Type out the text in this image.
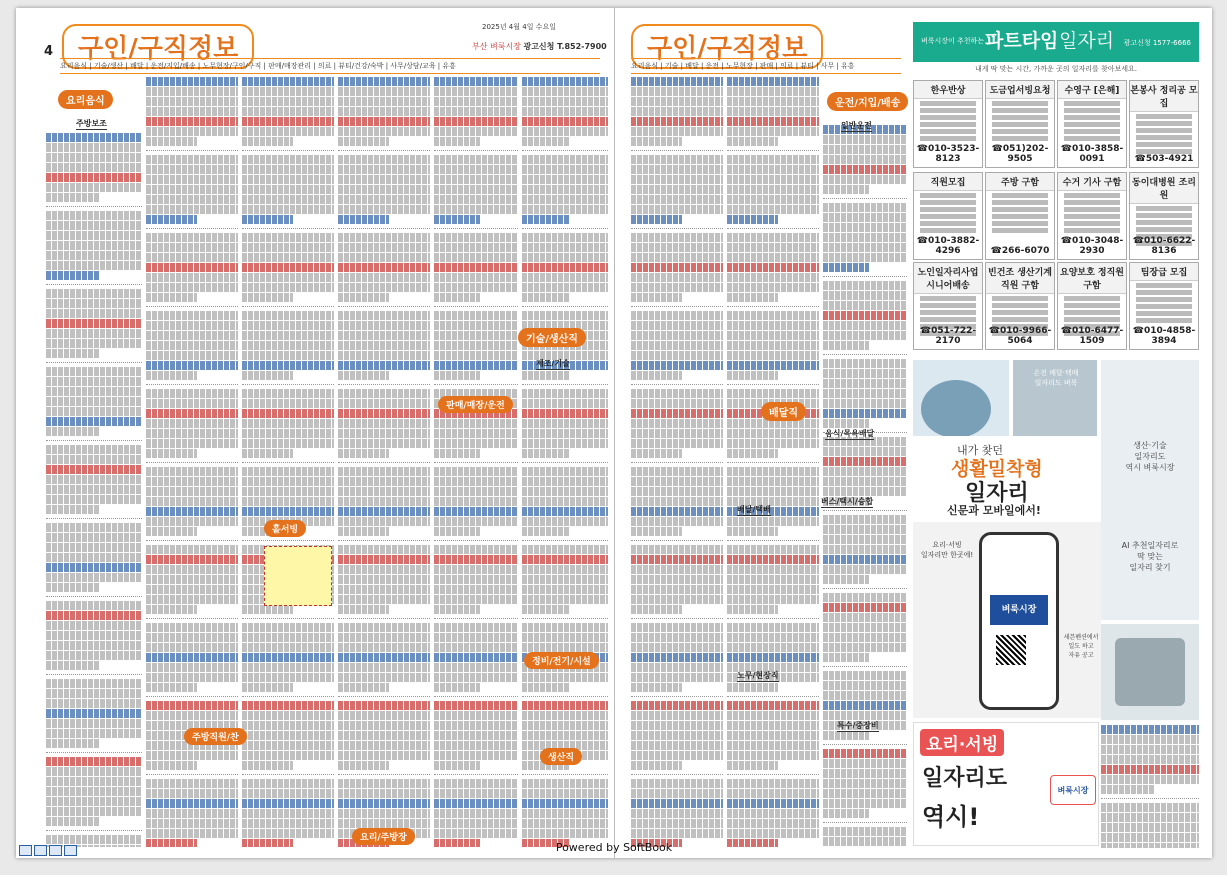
4 구인/구직정보
2025년 4월 4일 수요일
부산 벼룩시장 광고신청 T.852-7900
요리음식 | 기술/생산 | 배달 | 운전/지입/배송 | 노무현장/구인/구직 | 판매/매장관리 | 의료 | 뷰티/건강/숙박 | 사무/상담/교육 | 유흥
요리음식
주방보조
홀서빙
주방직원/찬
요리/주방장
기술/생산직
제조/기술
판매/매장/운전
정비/전기/시설
생산직
구인/구직정보
요리음식 | 기술 | 배달 | 운전 | 노무현장 | 판매 | 의료 | 뷰티 | 사무 | 유흥
운전/지입/배송
일반운전
배달직
음식/목욕배달
버스/택시/승합
배달/택배
노무/현장직
특수/중장비
벼룩시장이 추천하는 파트타임 일자리 광고신청 1577-6666
내게 딱 맞는 시간, 가까운 곳의 일자리를 찾아보세요.
온전 배달·택배
일자리도 벼룩
생산·기술
일자리도
역시 벼룩시장
AI 추천일자리로
딱 맞는
일자리 찾기
내가 찾던
생활밀착형
일자리
신문과 모바일에서!
요리·서빙
일자리만 한곳에!
벼룩시장
세븐펜션에서
일도 하고
자유 공고
요리·서빙
일자리도
역시!
벼룩시장
한우반상
☎010-3523-8123
도금업서빙요청
☎051)202-9505
수영구 [은해]
☎010-3858-0091
본봉사 정리공 모집
☎503-4921
직원모집
☎010-3882-4296
주방 구함
☎266-6070
수거 기사 구함
☎010-3048-2930
동이대병원 조리원
☎010-6622-8136
노인일자리사업 시니어배송
☎051-722-2170
빈건조 생산기계 직원 구함
☎010-9966-5064
요양보호 정직원 구함
☎010-6477-1509
팀장급 모집
☎010-4858-3894
Powered by SoftBook
